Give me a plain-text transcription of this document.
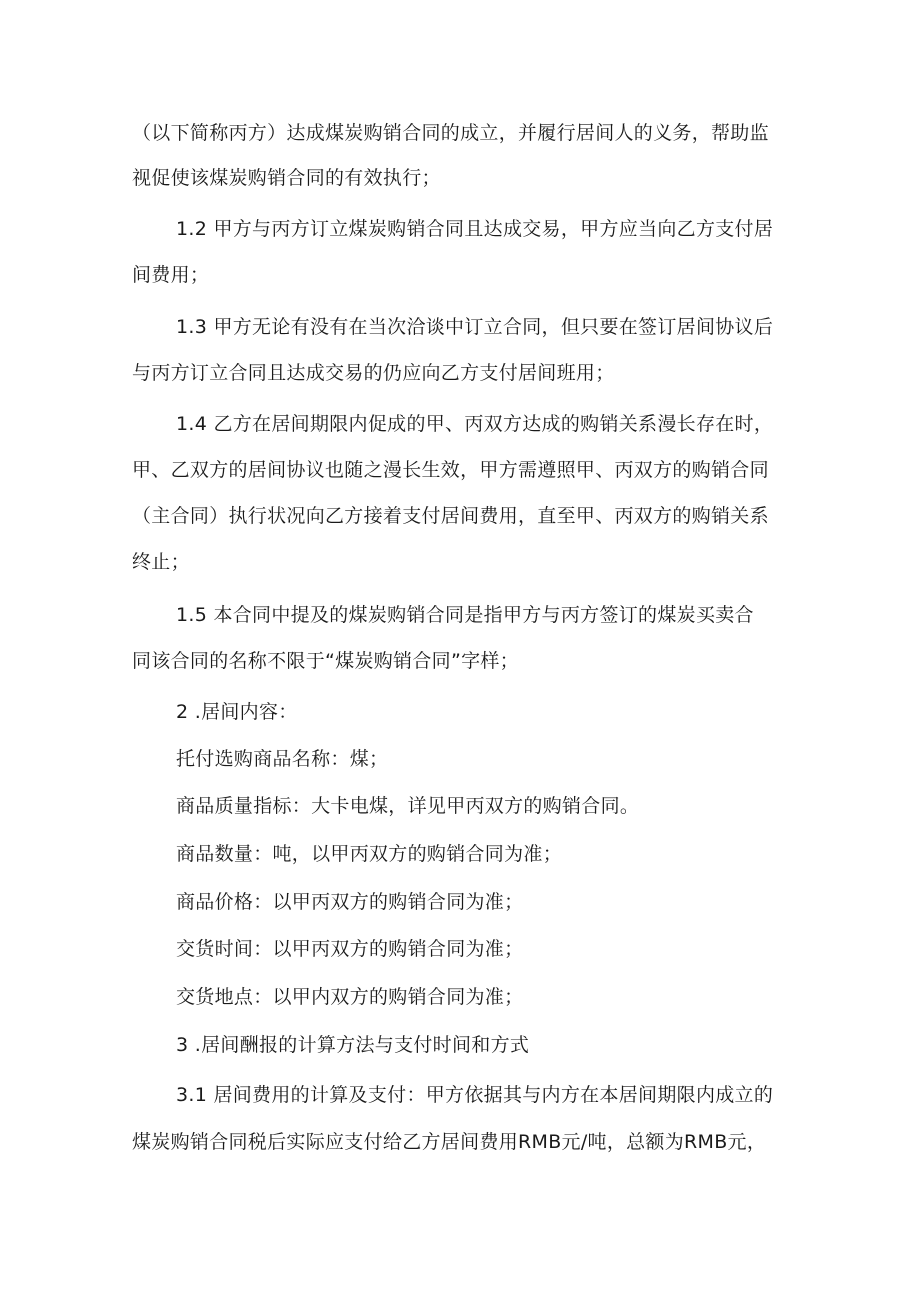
（以下简称丙方）达成煤炭购销合同的成立，并履行居间人的义务，帮助监
视促使该煤炭购销合同的有效执行；
1.2 甲方与丙方订立煤炭购销合同且达成交易，甲方应当向乙方支付居
间费用；
1.3 甲方无论有没有在当次洽谈中订立合同，但只要在签订居间协议后
与丙方订立合同且达成交易的仍应向乙方支付居间班用；
1.4 乙方在居间期限内促成的甲、丙双方达成的购销关系漫长存在时，
甲、乙双方的居间协议也随之漫长生效，甲方需遵照甲、丙双方的购销合同
（主合同）执行状况向乙方接着支付居间费用，直至甲、丙双方的购销关系
终止；
1.5 本合同中提及的煤炭购销合同是指甲方与丙方签订的煤炭买卖合
同该合同的名称不限于“煤炭购销合同”字样；
2 .居间内容：
托付选购商品名称：煤；
商品质量指标：大卡电煤，详见甲丙双方的购销合同。
商品数量：吨，以甲丙双方的购销合同为准；
商品价格：以甲丙双方的购销合同为准；
交货时间：以甲丙双方的购销合同为准；
交货地点：以甲内双方的购销合同为准；
3 .居间酬报的计算方法与支付时间和方式
3.1 居间费用的计算及支付：甲方依据其与内方在本居间期限内成立的
煤炭购销合同税后实际应支付给乙方居间费用RMB元/吨，总额为RMB元，
